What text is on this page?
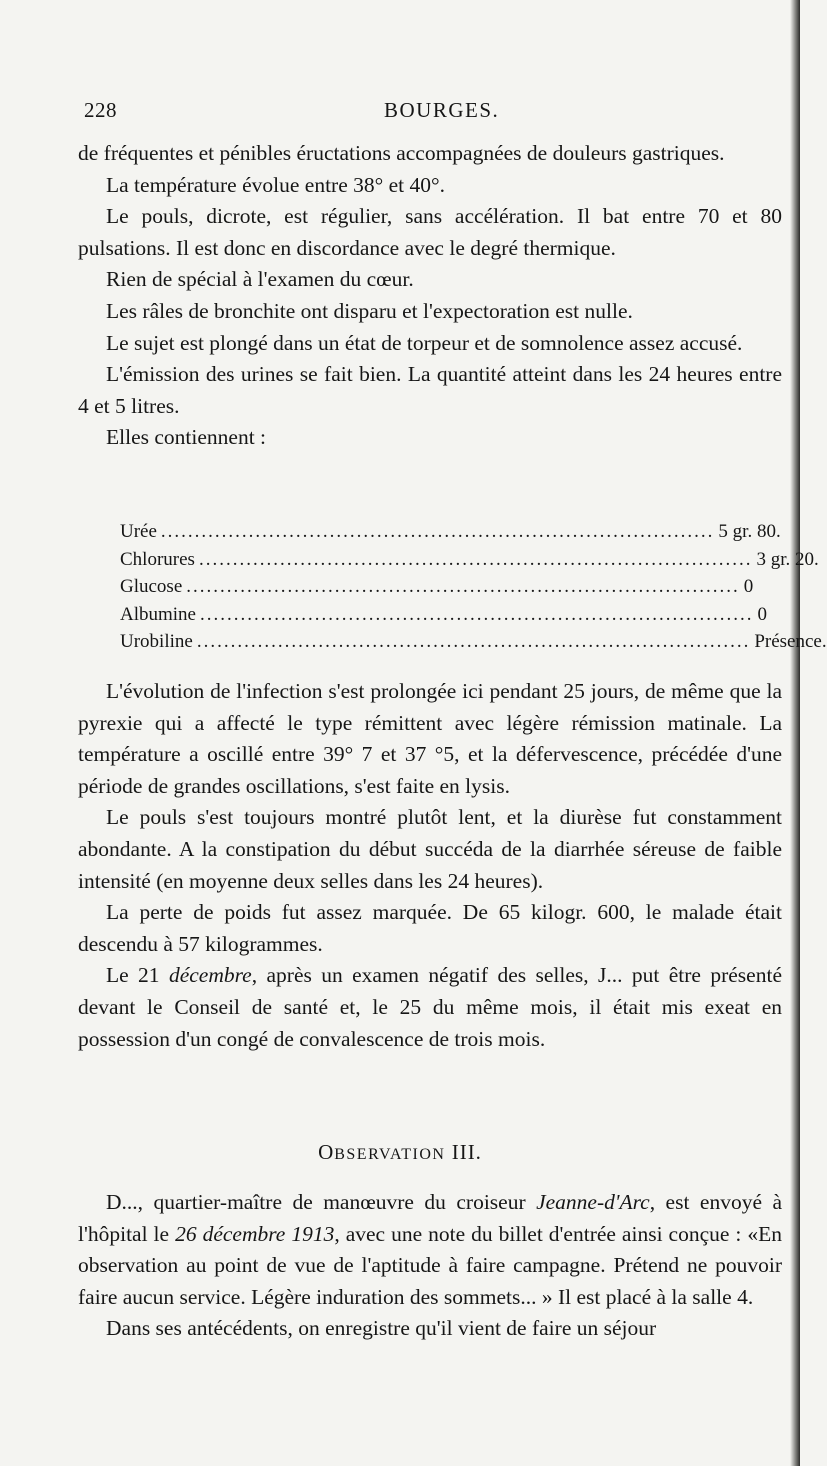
228	BOURGES.

de fréquentes et pénibles éructations accompagnées de douleurs gastriques.

La température évolue entre 38° et 40°.

Le pouls, dicrote, est régulier, sans accélération. Il bat entre 70 et 80 pulsations. Il est donc en discordance avec le degré thermique.

Rien de spécial à l'examen du cœur.

Les râles de bronchite ont disparu et l'expectoration est nulle.

Le sujet est plongé dans un état de torpeur et de somnolence assez accusé.

L'émission des urines se fait bien. La quantité atteint dans les 24 heures entre 4 et 5 litres.

Elles contiennent :

Urée .................................................................................. 5 gr. 80.
Chlorures .................................................................................. 3 gr. 20.
Glucose .................................................................................. 0
Albumine .................................................................................. 0
Urobiline .................................................................................. Présence.

L'évolution de l'infection s'est prolongée ici pendant 25 jours, de même que la pyrexie qui a affecté le type rémittent avec légère rémission matinale. La température a oscillé entre 39° 7 et 37 °5, et la défervescence, précédée d'une période de grandes oscillations, s'est faite en lysis.

Le pouls s'est toujours montré plutôt lent, et la diurèse fut constamment abondante. A la constipation du début succéda de la diarrhée séreuse de faible intensité (en moyenne deux selles dans les 24 heures).

La perte de poids fut assez marquée. De 65 kilogr. 600, le malade était descendu à 57 kilogrammes.

Le 21 décembre, après un examen négatif des selles, J... put être présenté devant le Conseil de santé et, le 25 du même mois, il était mis exeat en possession d'un congé de convalescence de trois mois.

OBSERVATION III.

D..., quartier-maître de manœuvre du croiseur Jeanne-d'Arc, est envoyé à l'hôpital le 26 décembre 1913, avec une note du billet d'entrée ainsi conçue : «En observation au point de vue de l'aptitude à faire campagne. Prétend ne pouvoir faire aucun service. Légère induration des sommets... » Il est placé à la salle 4.

Dans ses antécédents, on enregistre qu'il vient de faire un séjour
